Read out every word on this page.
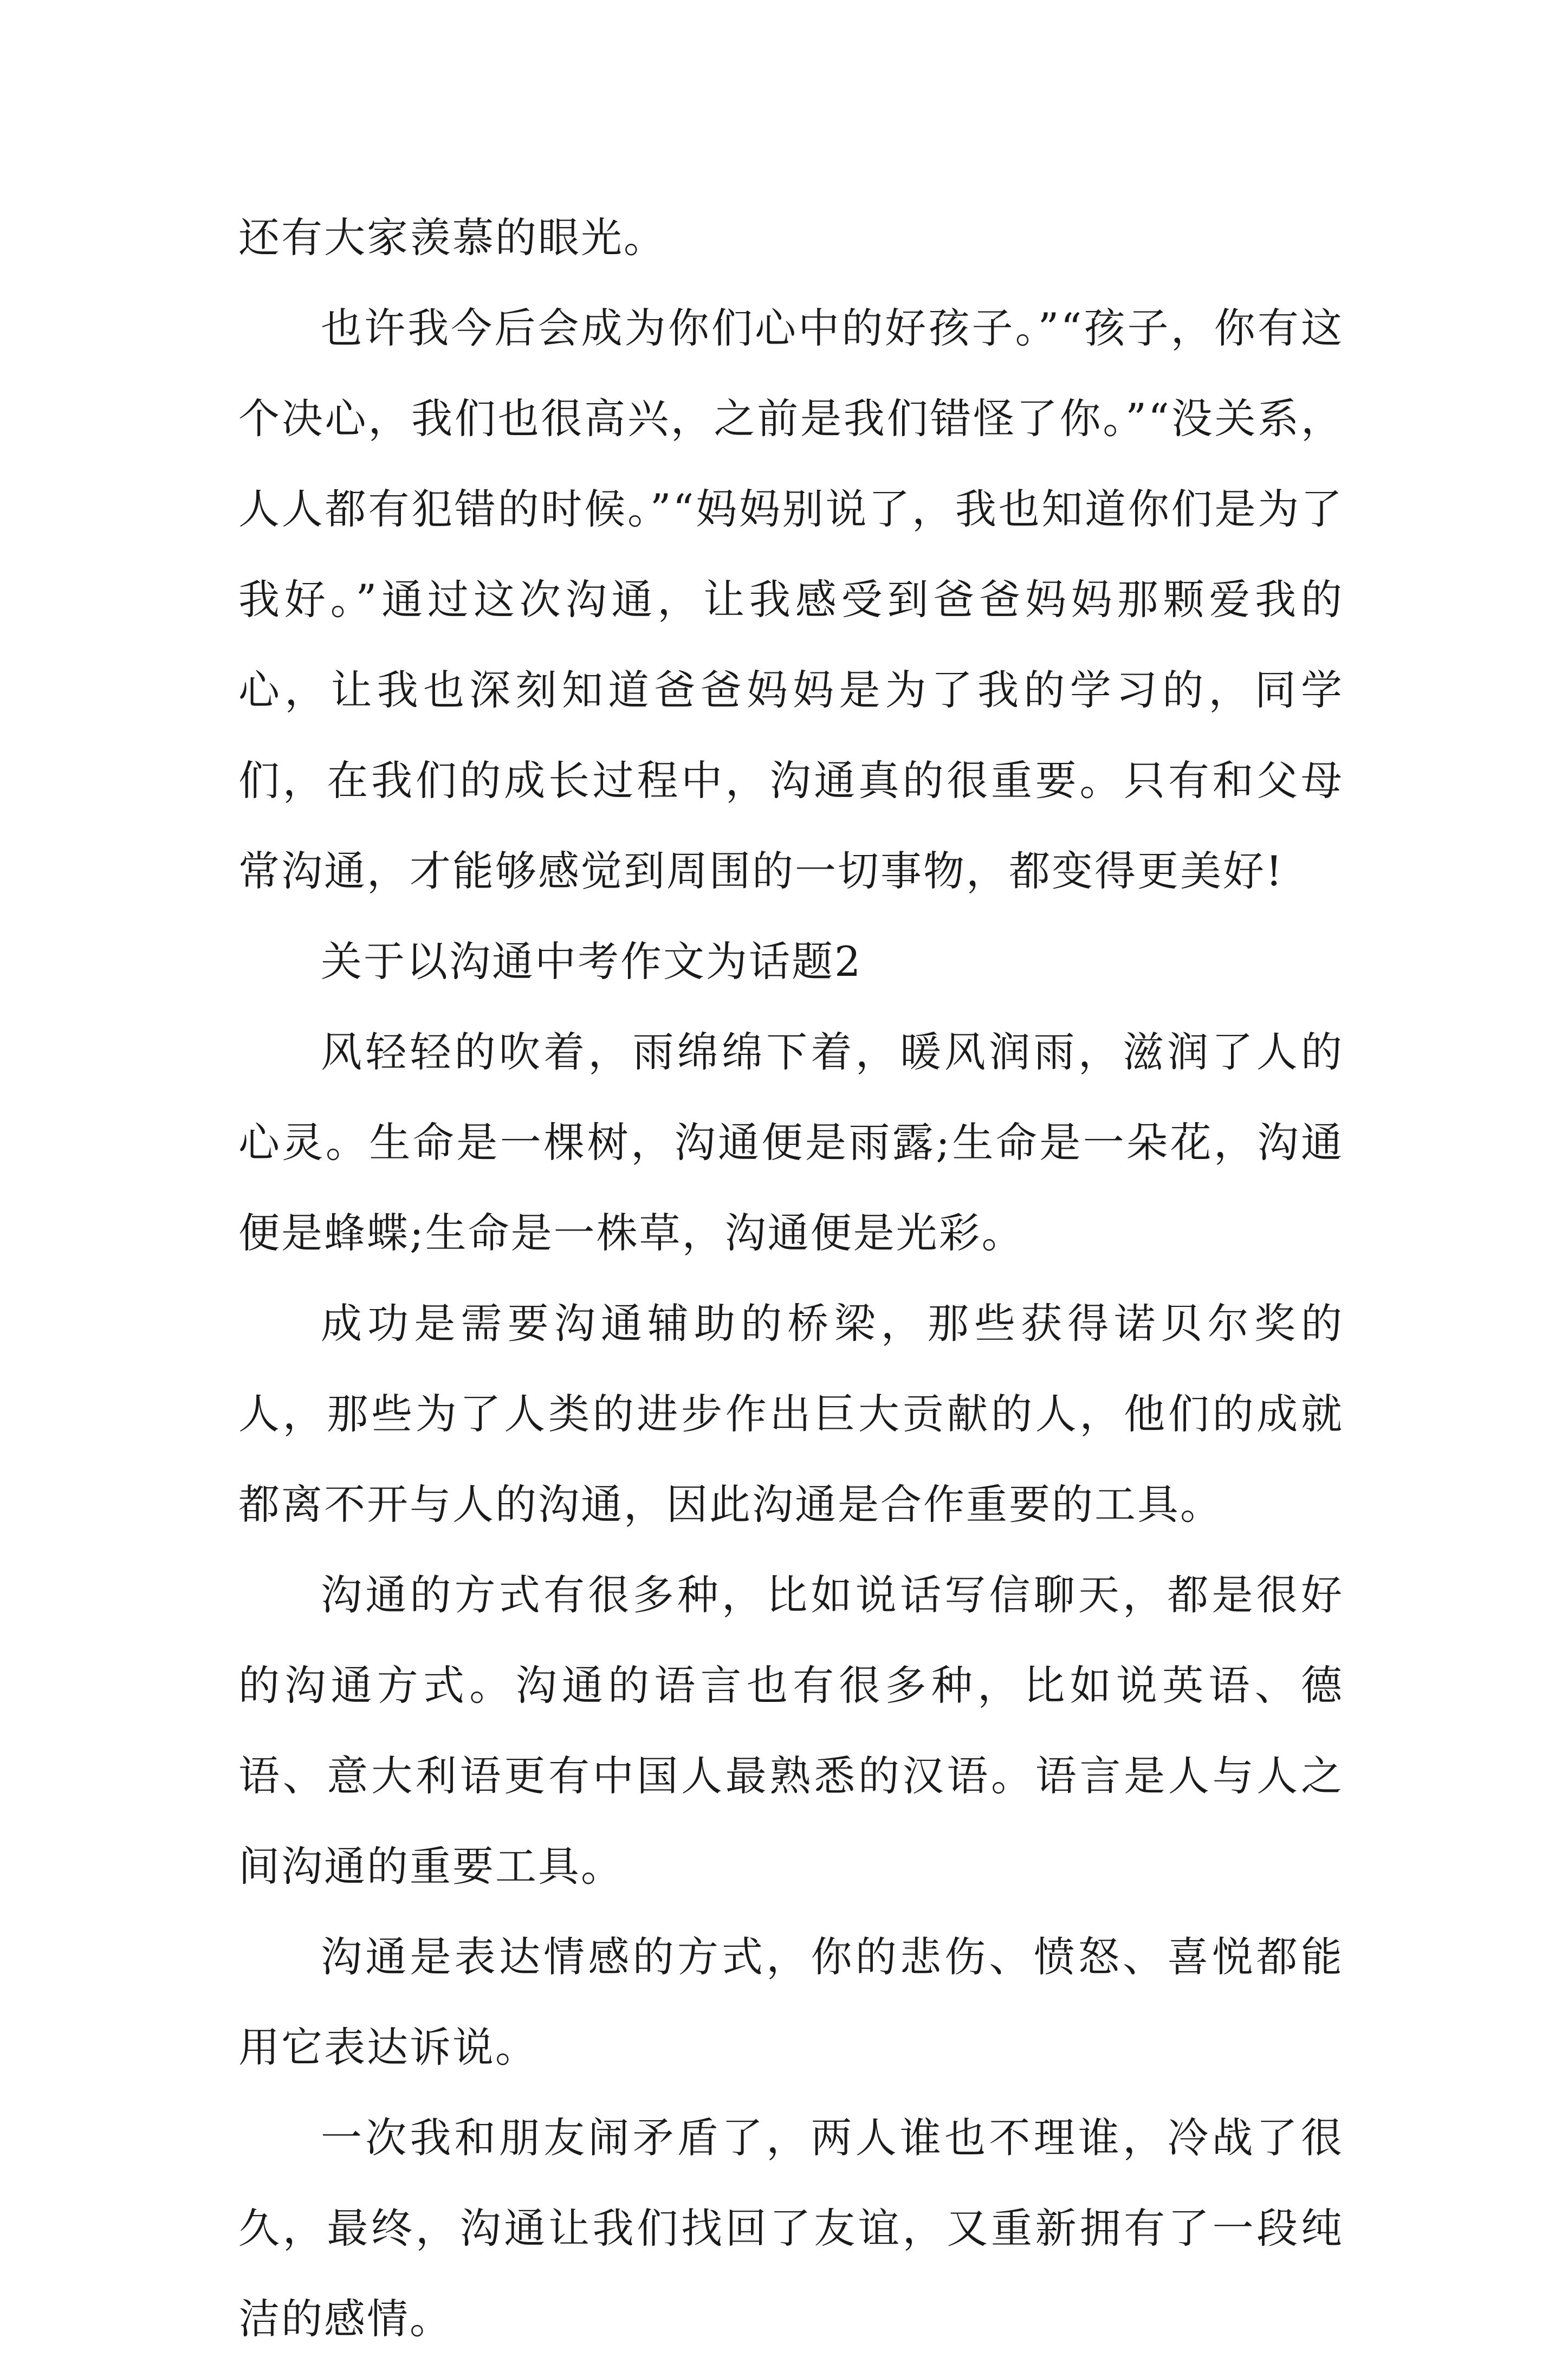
还有大家羡慕的眼光。

也许我今后会成为你们心中的好孩子。”“孩子，你有这个决心，我们也很高兴，之前是我们错怪了你。”“没关系，人人都有犯错的时候。”“妈妈别说了，我也知道你们是为了我好。”通过这次沟通，让我感受到爸爸妈妈那颗爱我的心，让我也深刻知道爸爸妈妈是为了我的学习的，同学们，在我们的成长过程中，沟通真的很重要。只有和父母常沟通，才能够感觉到周围的一切事物，都变得更美好!

关于以沟通中考作文为话题2

风轻轻的吹着，雨绵绵下着，暖风润雨，滋润了人的心灵。生命是一棵树，沟通便是雨露;生命是一朵花，沟通便是蜂蝶;生命是一株草，沟通便是光彩。

成功是需要沟通辅助的桥梁，那些获得诺贝尔奖的人，那些为了人类的进步作出巨大贡献的人，他们的成就都离不开与人的沟通，因此沟通是合作重要的工具。

沟通的方式有很多种，比如说话写信聊天，都是很好的沟通方式。沟通的语言也有很多种，比如说英语、德语、意大利语更有中国人最熟悉的汉语。语言是人与人之间沟通的重要工具。

沟通是表达情感的方式，你的悲伤、愤怒、喜悦都能用它表达诉说。

一次我和朋友闹矛盾了，两人谁也不理谁，冷战了很久，最终，沟通让我们找回了友谊，又重新拥有了一段纯洁的感情。
